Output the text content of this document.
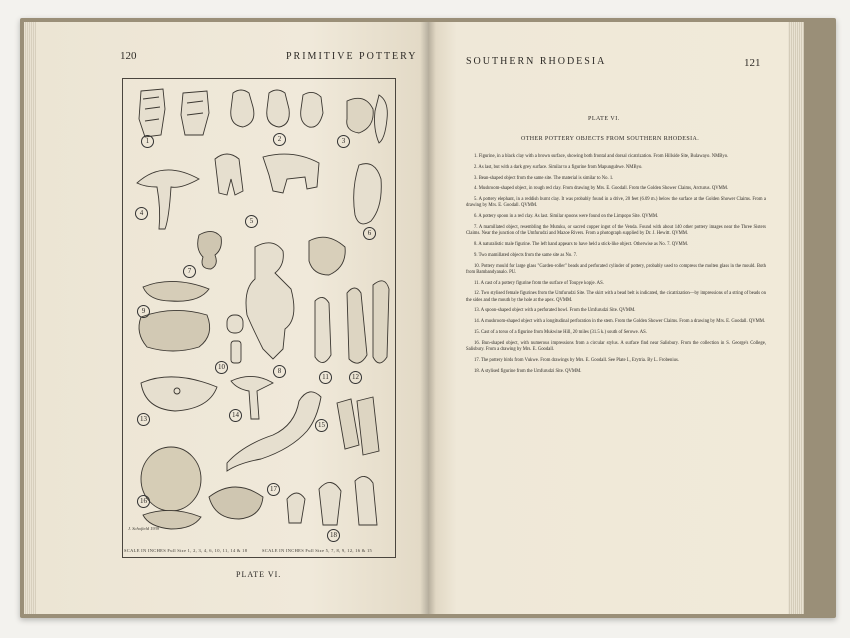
120	PRIMITIVE POTTERY
1	2	3
4
5
6
7
8
9
10
11	12
13	14
15
16
17
18
J. Schofield 1939
SCALE IN INCHES Full Size 1, 2, 3, 4, 6, 10, 11, 14 & 18	SCALE IN INCHES Full Size 5, 7, 8, 9, 12, 16 & 15
PLATE VI.
SOUTHERN RHODESIA	121
PLATE VI.
OTHER POTTERY OBJECTS FROM SOUTHERN RHODESIA.

1. Figurine, in a black clay with a brown surface, showing both frontal and dorsal cicatrization. From Hillside Site, Bulawayo. NMByo.

2. As last, but with a dark grey surface. Similar to a figurine from Mapungubwe. NMByo.

3. Bean-shaped object from the same site. The material is similar to No. 1.

4. Mushroom-shaped object, in rough red clay. From drawing by Mrs. E. Goodall. From the Golden Shower Claims, Arcturus. QVMM.

5. A pottery elephant, in a reddish burnt clay. It was probably found in a drive, 20 feet (6.09 m.) below the surface at the Golden Shower Claims. From a drawing by Mrs. E. Goodall. QVMM.

6. A pottery spoon in a red clay. As last. Similar spoons were found on the Limpopo Site. QVMM.

7. A mamillated object, resembling the Mutuku, or sacred copper ingot of the Venda. Found with about 140 other pottery images near the Three Sisters Claims. Near the junction of the Umfurudzi and Mazoe Rivers. From a photograph supplied by Dr. J. Hewitt. QVMM.

8. A naturalistic male figurine. The left hand appears to have held a stick-like object. Otherwise as No. 7. QVMM.

9. Two mamillated objects from the same site as No. 7.

10. Pottery mould for large glass "Garden-roller" beads and perforated cylinder of pottery, probably used to compress the molten glass in the mould. Both from Bambandyanalo. PU.

11. A cast of a pottery figurine from the surface of Toupye kopje. AS.

12. Two stylised female figurines from the Umfurudzi Site. The skirt with a bead belt is indicated, the cicatrization—by impressions of a string of beads on the sides and the mouth by the hole at the apex. QVMM.

13. A spoon-shaped object with a perforated bowl. From the Umfurudzi Site. QVMM.

14. A mushroom-shaped object with a longitudinal perforation in the stem. From the Golden Shower Claims. From a drawing by Mrs. E. Goodall. QVMM.

15. Cast of a torso of a figurine from Mukwine Hill, 20 miles (31.5 k.) south of Serowe. AS.

16. Bun-shaped object, with numerous impressions from a circular stylus. A surface find near Salisbury. From the collection in S. George's College, Salisbury. From a drawing by Mrs. E. Goodall.

17. The pottery birds from Vukwe. From drawings by Mrs. E. Goodall. See Plate I., Erytria. By L. Frobenius.

18. A stylised figurine from the Umfurudzi Site. QVMM.
